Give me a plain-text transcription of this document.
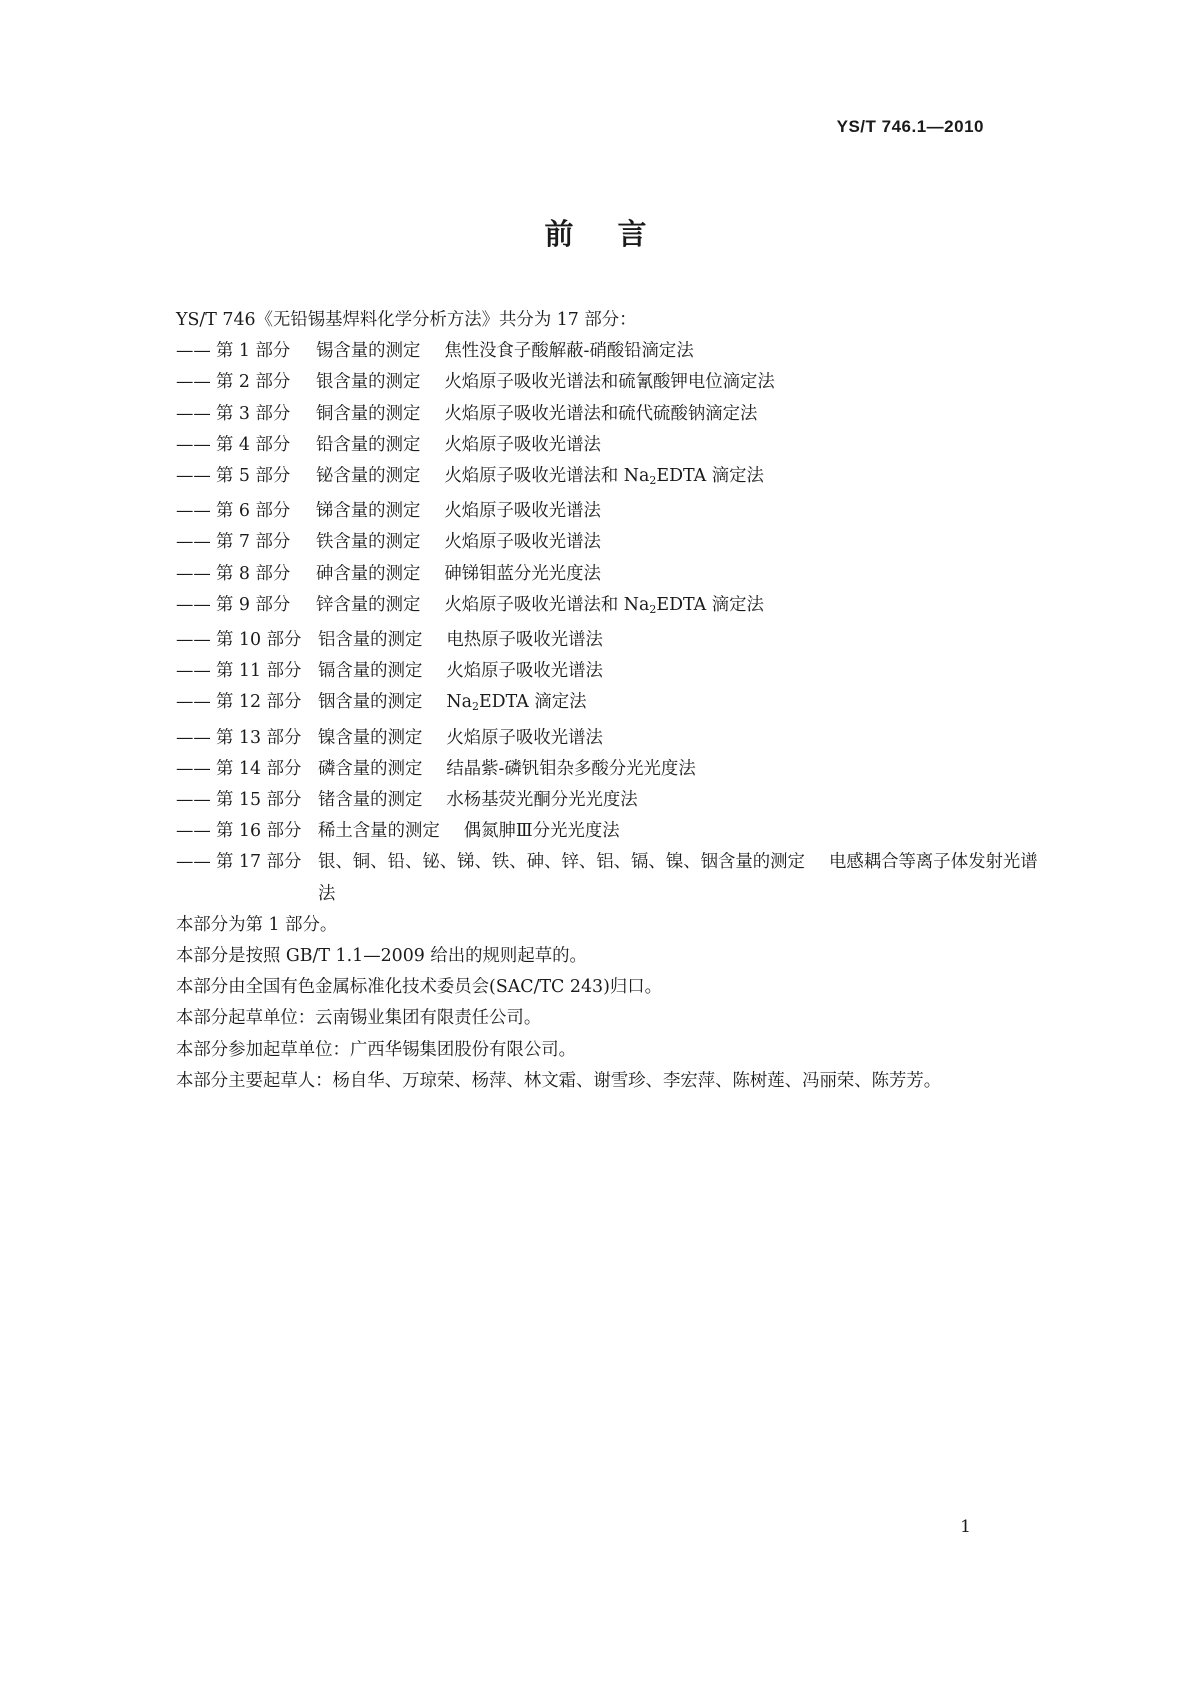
YS/T 746.1—2010
前言
YS/T 746《无铅锡基焊料化学分析方法》共分为 17 部分：
—— 第 1 部分	锡含量的测定 焦性没食子酸解蔽-硝酸铅滴定法
—— 第 2 部分	银含量的测定 火焰原子吸收光谱法和硫氰酸钾电位滴定法
—— 第 3 部分	铜含量的测定 火焰原子吸收光谱法和硫代硫酸钠滴定法
—— 第 4 部分	铅含量的测定 火焰原子吸收光谱法
—— 第 5 部分	铋含量的测定 火焰原子吸收光谱法和 $Na_2EDTA$ 滴定法
—— 第 6 部分	锑含量的测定 火焰原子吸收光谱法
—— 第 7 部分	铁含量的测定 火焰原子吸收光谱法
—— 第 8 部分	砷含量的测定 砷锑钼蓝分光光度法
—— 第 9 部分	锌含量的测定 火焰原子吸收光谱法和 $Na_2EDTA$ 滴定法
—— 第 10 部分 铝含量的测定 电热原子吸收光谱法
—— 第 11 部分 镉含量的测定 火焰原子吸收光谱法
—— 第 12 部分 铟含量的测定 $Na_2EDTA$ 滴定法
—— 第 13 部分 镍含量的测定 火焰原子吸收光谱法
—— 第 14 部分 磷含量的测定 结晶紫-磷钒钼杂多酸分光光度法
—— 第 15 部分 锗含量的测定 水杨基荧光酮分光光度法
—— 第 16 部分 稀土含量的测定 偶氮胂Ⅲ分光光度法
—— 第 17 部分 银、铜、铅、铋、锑、铁、砷、锌、铝、镉、镍、铟含量的测定 电感耦合等离子体发射光谱法
本部分为第 1 部分。
本部分是按照 GB/T 1.1—2009 给出的规则起草的。
本部分由全国有色金属标准化技术委员会(SAC/TC 243)归口。
本部分起草单位：云南锡业集团有限责任公司。
本部分参加起草单位：广西华锡集团股份有限公司。
本部分主要起草人：杨自华、万琼荣、杨萍、林文霜、谢雪珍、李宏萍、陈树莲、冯丽荣、陈芳芳。
1
